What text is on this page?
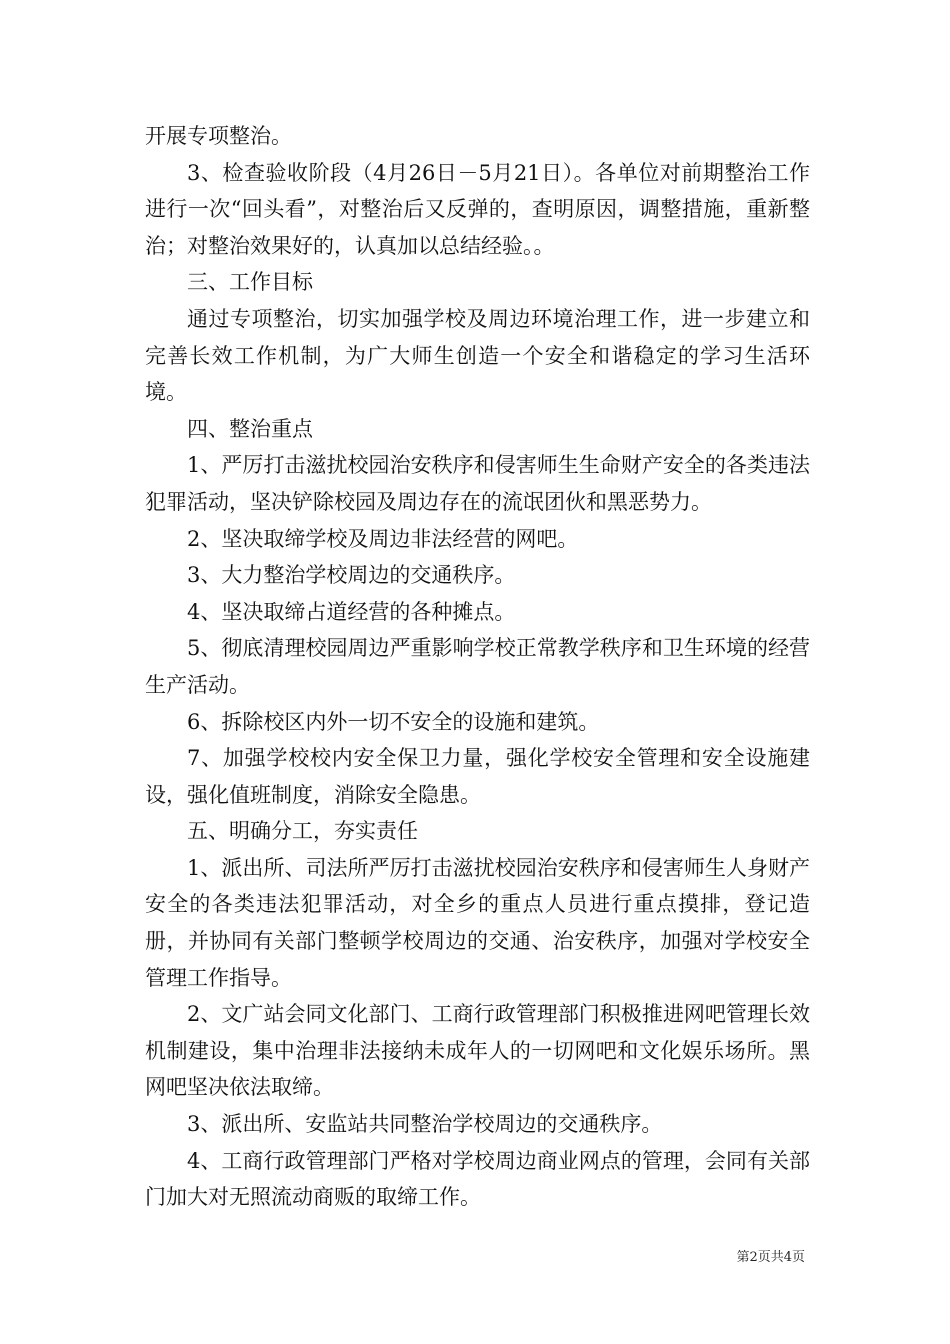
开展专项整治。

3、检查验收阶段（4月26日－5月21日）。各单位对前期整治工作进行一次“回头看”，对整治后又反弹的，查明原因，调整措施，重新整治；对整治效果好的，认真加以总结经验。。

三、工作目标

通过专项整治，切实加强学校及周边环境治理工作，进一步建立和完善长效工作机制，为广大师生创造一个安全和谐稳定的学习生活环境。

四、整治重点

1、严厉打击滋扰校园治安秩序和侵害师生生命财产安全的各类违法犯罪活动，坚决铲除校园及周边存在的流氓团伙和黑恶势力。

2、坚决取缔学校及周边非法经营的网吧。

3、大力整治学校周边的交通秩序。

4、坚决取缔占道经营的各种摊点。

5、彻底清理校园周边严重影响学校正常教学秩序和卫生环境的经营生产活动。

6、拆除校区内外一切不安全的设施和建筑。

7、加强学校校内安全保卫力量，强化学校安全管理和安全设施建设，强化值班制度，消除安全隐患。

五、明确分工，夯实责任

1、派出所、司法所严厉打击滋扰校园治安秩序和侵害师生人身财产安全的各类违法犯罪活动，对全乡的重点人员进行重点摸排，登记造册，并协同有关部门整顿学校周边的交通、治安秩序，加强对学校安全管理工作指导。

2、文广站会同文化部门、工商行政管理部门积极推进网吧管理长效机制建设，集中治理非法接纳未成年人的一切网吧和文化娱乐场所。黑网吧坚决依法取缔。

3、派出所、安监站共同整治学校周边的交通秩序。

4、工商行政管理部门严格对学校周边商业网点的管理，会同有关部门加大对无照流动商贩的取缔工作。

第2页共4页
